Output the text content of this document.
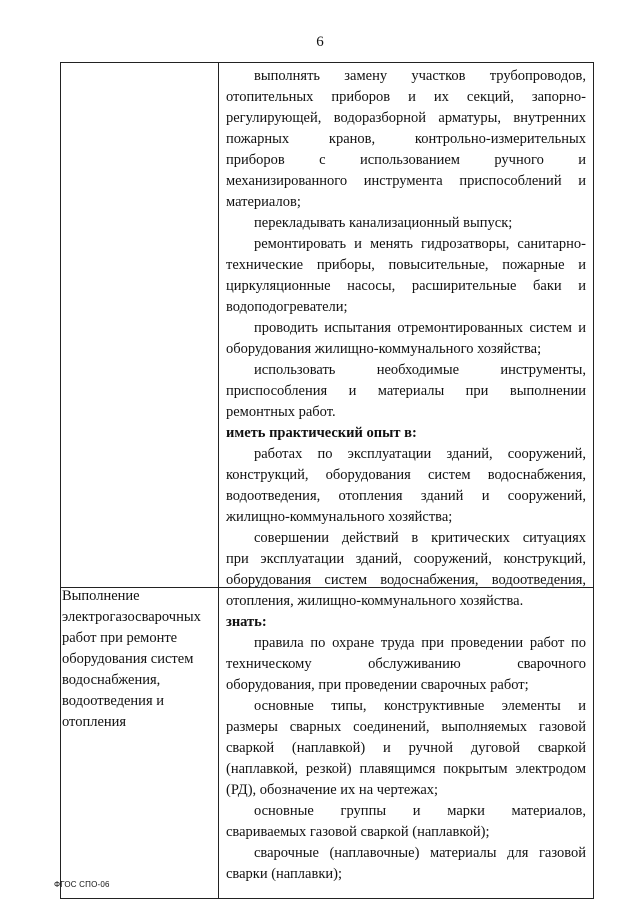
6
Выполнение
электрогазосварочных
работ при ремонте
оборудования систем
водоснабжения,
водоотведения и
отопления
выполнять замену участков трубопроводов,
отопительных приборов и их секций, запорно-
регулирующей, водоразборной арматуры, внутренних
пожарных кранов, контрольно-измерительных
приборов с использованием ручного и
механизированного инструмента приспособлений и
материалов;
перекладывать канализационный выпуск;
ремонтировать и менять гидрозатворы, санитарно-
технические приборы, повысительные, пожарные и
циркуляционные насосы, расширительные баки и
водоподогреватели;
проводить испытания отремонтированных систем и
оборудования жилищно-коммунального хозяйства;
использовать необходимые инструменты,
приспособления и материалы при выполнении
ремонтных работ.
иметь практический опыт в:
работах по эксплуатации зданий, сооружений,
конструкций, оборудования систем водоснабжения,
водоотведения, отопления зданий и сооружений,
жилищно-коммунального хозяйства;
совершении действий в критических ситуациях
при эксплуатации зданий, сооружений, конструкций,
оборудования систем водоснабжения, водоотведения,
отопления, жилищно-коммунального хозяйства.
знать:
правила по охране труда при проведении работ по
техническому обслуживанию сварочного
оборудования, при проведении сварочных работ;
основные типы, конструктивные элементы и
размеры сварных соединений, выполняемых газовой
сваркой (наплавкой) и ручной дуговой сваркой
(наплавкой, резкой) плавящимся покрытым электродом
(РД), обозначение их на чертежах;
основные группы и марки материалов,
свариваемых газовой сваркой (наплавкой);
сварочные (наплавочные) материалы для газовой
сварки (наплавки);
ФГОС СПО-06
